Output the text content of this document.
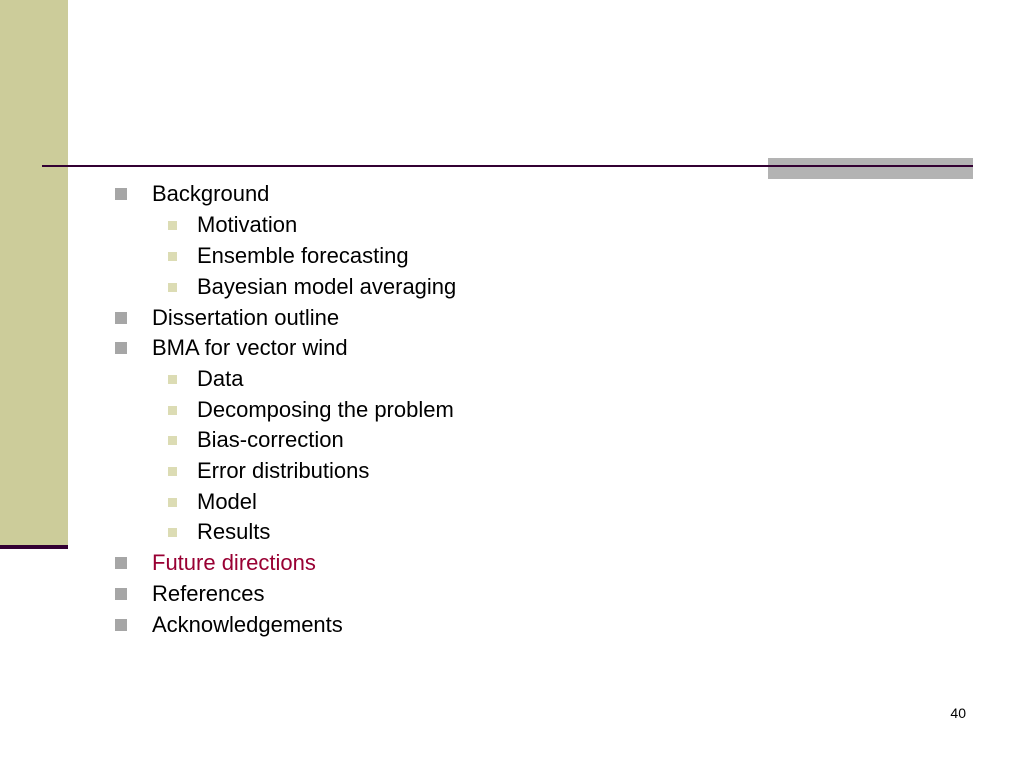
Background
Motivation
Ensemble forecasting
Bayesian model averaging
Dissertation outline
BMA for vector wind
Data
Decomposing the problem
Bias-correction
Error distributions
Model
Results
Future directions
References
Acknowledgements
40
